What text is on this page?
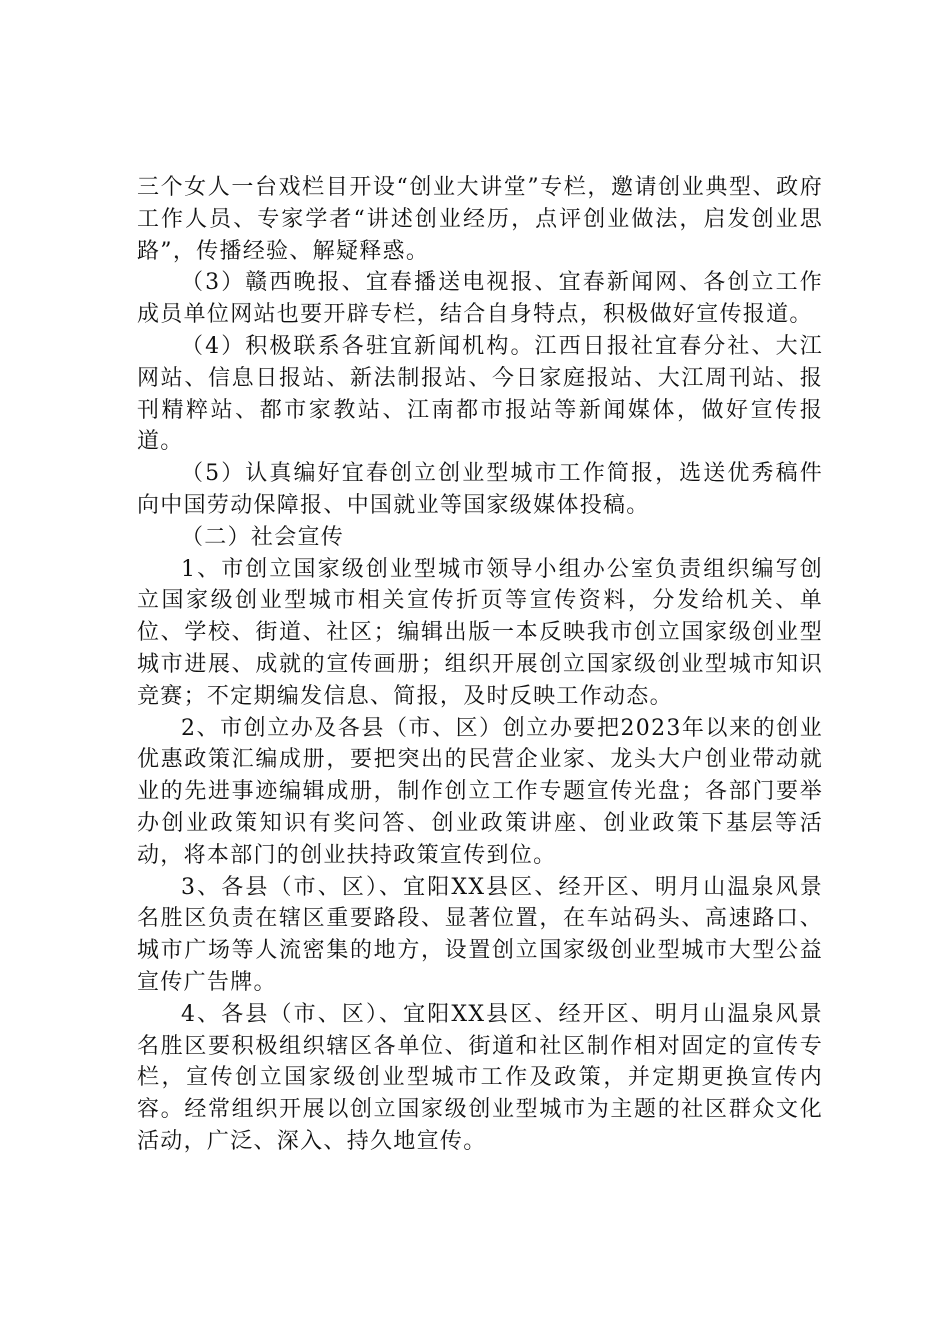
三个女人一台戏栏目开设“创业大讲堂”专栏，邀请创业典型、政府工作人员、专家学者“讲述创业经历，点评创业做法，启发创业思路”，传播经验、解疑释惑。

（3）赣西晚报、宜春播送电视报、宜春新闻网、各创立工作成员单位网站也要开辟专栏，结合自身特点，积极做好宣传报道。

（4）积极联系各驻宜新闻机构。江西日报社宜春分社、大江网站、信息日报站、新法制报站、今日家庭报站、大江周刊站、报刊精粹站、都市家教站、江南都市报站等新闻媒体，做好宣传报道。

（5）认真编好宜春创立创业型城市工作简报，选送优秀稿件向中国劳动保障报、中国就业等国家级媒体投稿。

（二）社会宣传

1、市创立国家级创业型城市领导小组办公室负责组织编写创立国家级创业型城市相关宣传折页等宣传资料，分发给机关、单位、学校、街道、社区；编辑出版一本反映我市创立国家级创业型城市进展、成就的宣传画册；组织开展创立国家级创业型城市知识竞赛；不定期编发信息、简报，及时反映工作动态。

2、市创立办及各县（市、区）创立办要把2023年以来的创业优惠政策汇编成册，要把突出的民营企业家、龙头大户创业带动就业的先进事迹编辑成册，制作创立工作专题宣传光盘；各部门要举办创业政策知识有奖问答、创业政策讲座、创业政策下基层等活动，将本部门的创业扶持政策宣传到位。

3、各县（市、区）、宜阳XX县区、经开区、明月山温泉风景名胜区负责在辖区重要路段、显著位置，在车站码头、高速路口、城市广场等人流密集的地方，设置创立国家级创业型城市大型公益宣传广告牌。

4、各县（市、区）、宜阳XX县区、经开区、明月山温泉风景名胜区要积极组织辖区各单位、街道和社区制作相对固定的宣传专栏，宣传创立国家级创业型城市工作及政策，并定期更换宣传内容。经常组织开展以创立国家级创业型城市为主题的社区群众文化活动，广泛、深入、持久地宣传。
